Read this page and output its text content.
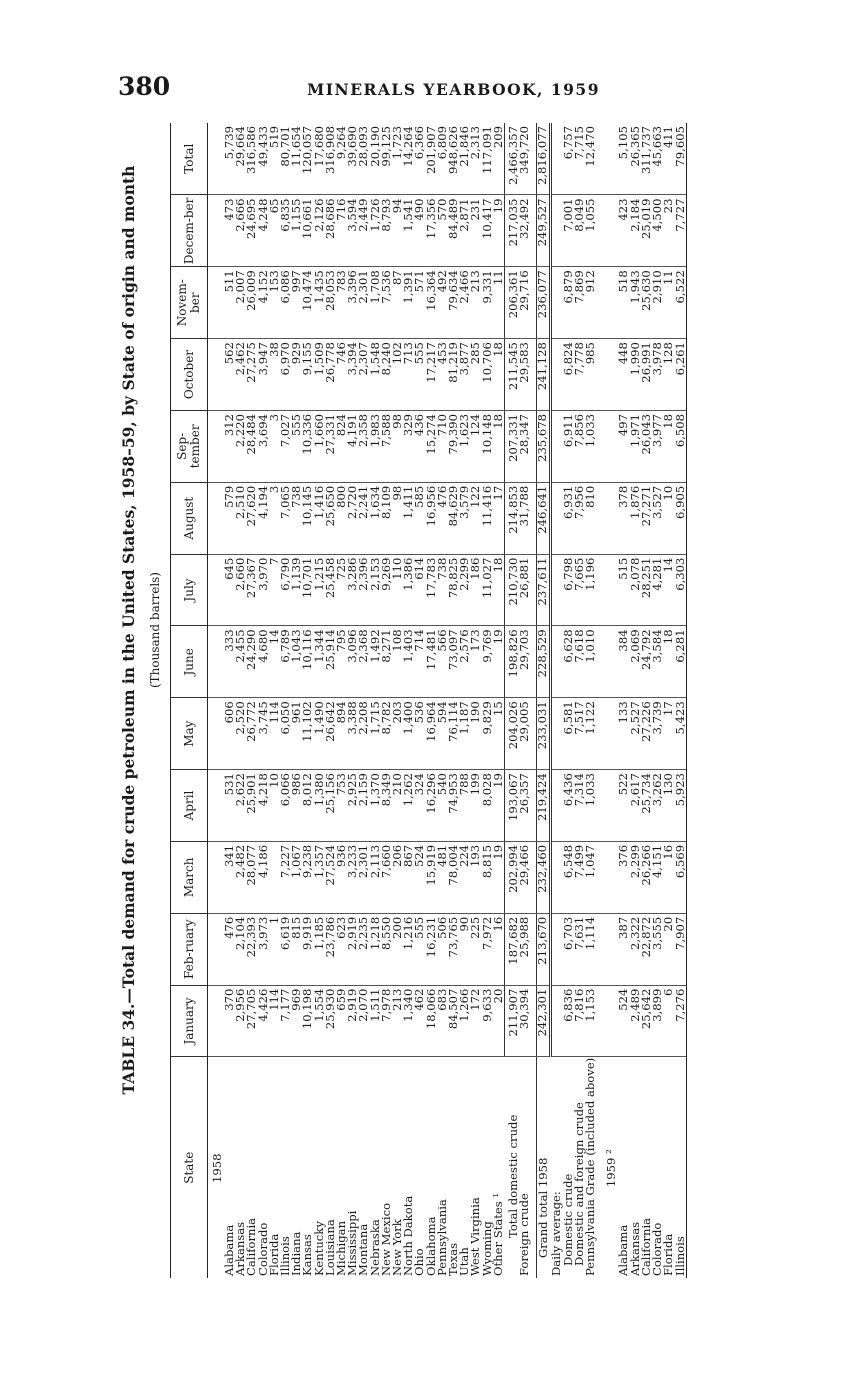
380	MINERALS YEARBOOK, 1959
TABLE 34.—Total demand for crude petroleum in the United States, 1958–59, by State of origin and month (Thousand barrels)
State	January	Feb-ruary	March	April	May	June	July	August	Sep-tember	October	Novem-ber	Decem-ber	Total
1958													
Alabama	370	476	341	531	606	333	645	579	312	562	511	473	5,739
Arkansas	2,956	2,104	2,482	2,622	2,520	2,455	2,660	2,510	2,220	2,462	2,007	2,666	29,664
California	27,705	22,393	28,077	25,901	26,772	24,290	27,367	27,620	28,484	27,275	26,009	24,695	316,586
Colorado	4,426	3,973	4,186	4,218	3,745	4,680	3,970	4,194	3,694	3,947	4,152	4,248	49,433
Florida	114	1		10	114	14	7	3	3	38	153	65	519
Illinois	7,177	6,619	7,227	6,066	6,050	6,789	6,790	7,065	7,027	6,970	6,086	6,835	80,701
Indiana	969	815	1,067	986	961	1,043	1,139	738	555	929	997	1,155	11,654
Kansas	10,198	9,919	9,238	8,012	11,102	10,116	10,701	10,145	10,336	9,155	10,474	10,661	120,057
Kentucky	1,554	1,185	1,357	1,380	1,490	1,344	1,215	1,416	1,660	1,509	1,435	2,126	17,680
Louisiana	25,930	23,786	27,524	25,156	26,642	25,914	25,458	25,650	27,331	26,778	28,053	28,686	316,908
Michigan	659	623	936	753	894	795	725	800	824	746	783	716	9,264
Mississippi	2,919	2,919	3,233	2,925	3,388	3,096	3,286	2,720	4,191	3,394	3,396	3,594	39,690
Montana	2,070	2,235	2,301	2,159	2,208	2,368	2,396	2,241	2,358	2,307	2,301	2,449	28,093
Nebraska	1,511	1,218	2,113	1,370	1,715	1,492	2,153	1,634	1,983	1,548	1,708	1,726	20,190
New Mexico	7,978	8,550	7,660	8,349	8,782	8,271	9,269	8,109	7,588	8,240	7,536	8,793	99,125
New York	213	200	206	210	203	108	110	98	98	102	87	94	1,723
North Dakota	1,340	1,216	867	1,262	1,400	1,403	1,386	1,411	329	713	1,391	1,541	14,264
Ohio	462	555	524	324	536	714	614	585	436	555	571	490	6,366
Oklahoma	18,066	16,231	15,919	16,296	16,964	17,481	17,783	16,956	15,274	17,217	16,364	17,356	201,907
Pennsylvania	683	506	481	540	594	566	738	476	710	453	492	570	6,809
Texas	84,507	73,765	78,004	74,953	76,114	73,097	78,825	84,629	79,390	81,219	79,634	84,489	948,626
Utah	1,266	90	224	788	1,187	2,576	2,299	3,579	1,623	3,877	2,466	2,871	21,846
West Virginia	172	225	193	199	190	173	186	122	124	285	213	231	2,313
Wyoming	9,633	7,972	8,815	8,028	9,829	9,769	11,027	11,416	10,148	10,706	9,331	10,417	117,091
Other States ¹	20	16	19	19	15	19	18	17	18	18	11	19	209
Total domestic crude	211,907	187,682	202,994	193,067	204,026	198,826	210,730	214,853	207,331	211,545	206,361	217,035	2,466,357
Foreign crude	30,394	25,988	29,466	26,357	29,005	29,703	26,881	31,788	28,347	29,583	29,716	32,492	349,720

Grand total 1958	242,301	213,670	232,460	219,424	233,031	228,529	237,611	246,641	235,678	241,128	236,077	249,527	2,816,077
Daily average:													
Domestic crude	6,836	6,703	6,548	6,436	6,581	6,628	6,798	6,931	6,911	6,824	6,879	7,001	6,757
Domestic and foreign crude	7,816	7,631	7,499	7,314	7,517	7,618	7,665	7,956	7,856	7,778	7,869	8,049	7,715
Pennsylvania Grade (included above)	1,153	1,114	1,047	1,033	1,122	1,010	1,196	810	1,033	985	912	1,055	12,470

1959 ²													
Alabama	524	387	376	522	133	384	515	378	497	448	518	423	5,105
Arkansas	2,489	2,322	2,299	2,617	2,527	2,069	2,078	1,876	1,971	1,990	1,943	2,184	26,365
California	25,642	22,872	26,266	25,734	27,226	24,792	28,251	27,271	26,043	26,991	25,630	25,019	311,737
Colorado	3,899	3,555	4,151	3,262	3,739	3,584	4,281	3,527	3,977	3,978	2,910	4,500	45,663
Florida	6	20	16	130	17	18	14	10	18	128	11	23	411
Illinois	7,276	7,907	6,569	5,923	5,423	6,281	6,303	6,905	6,508	6,261	6,522	7,727	79,605
